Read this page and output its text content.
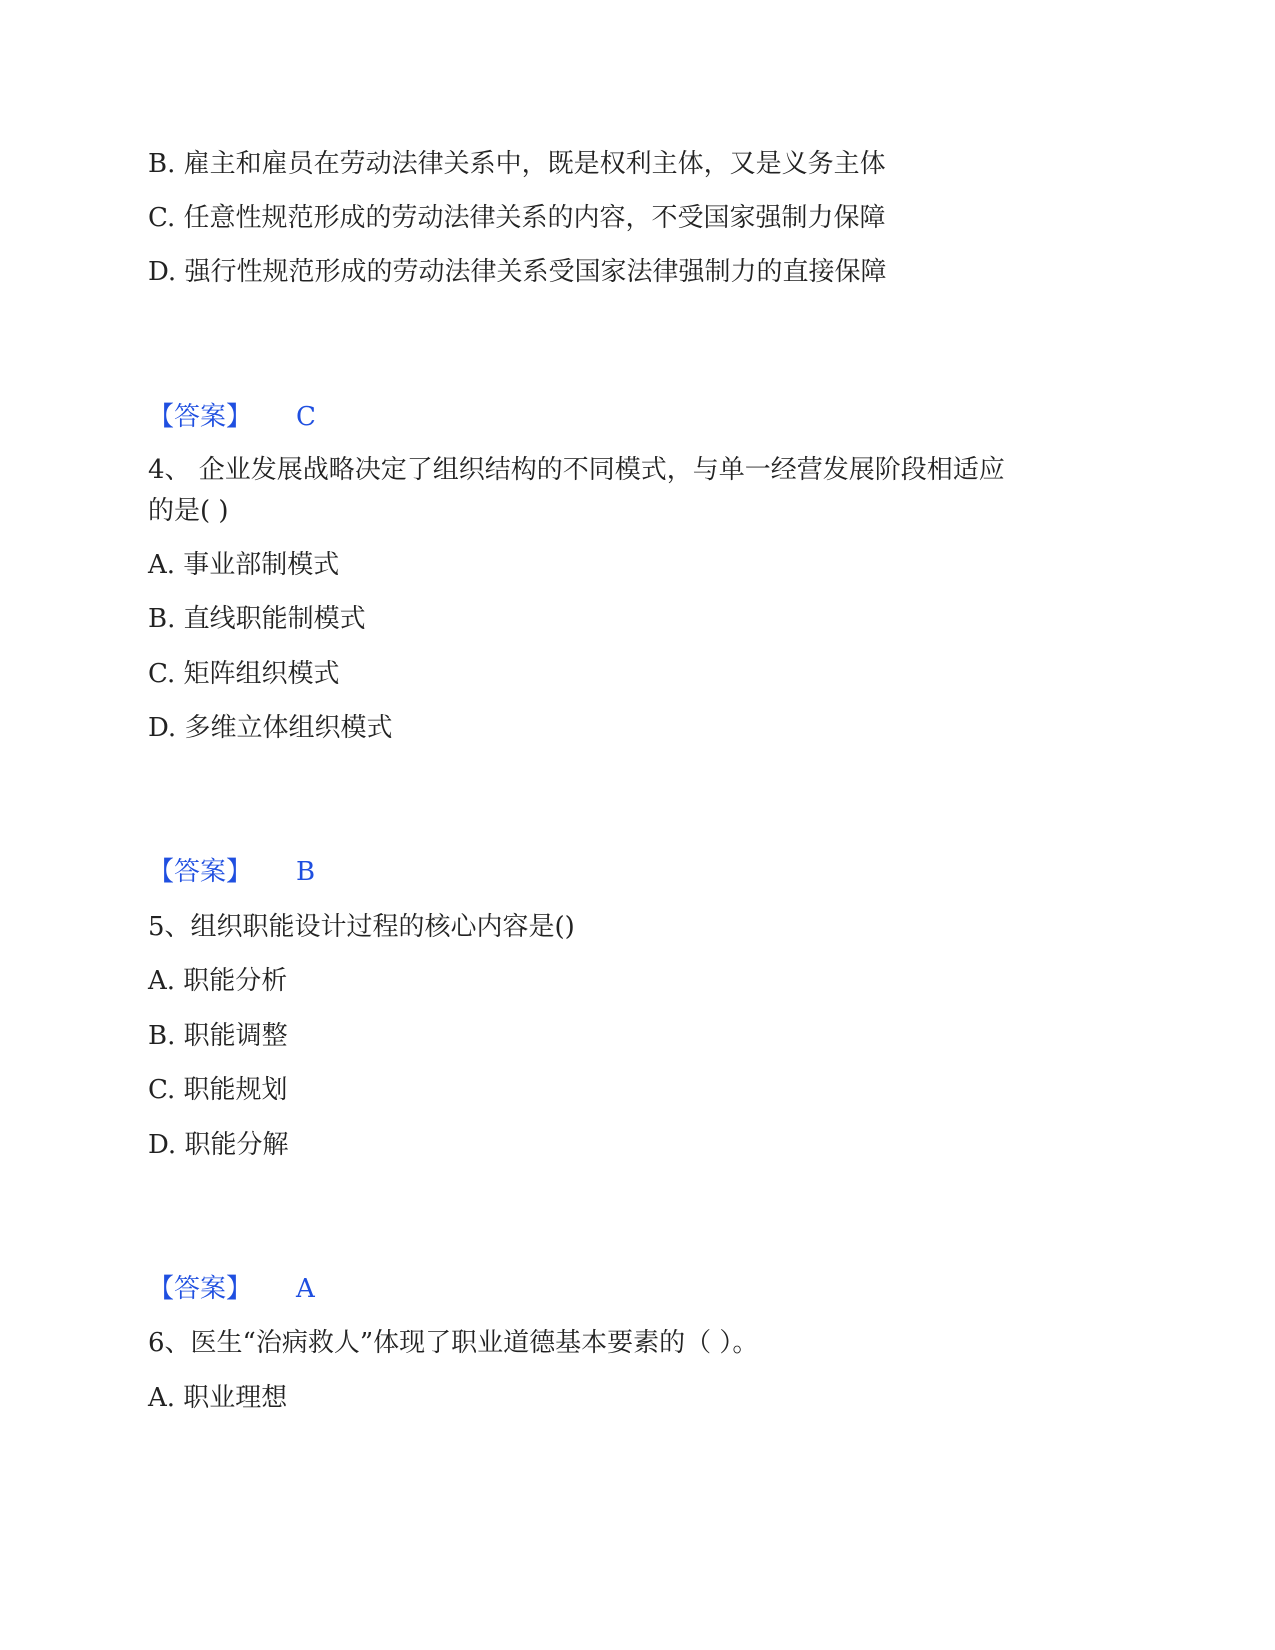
B. 雇主和雇员在劳动法律关系中，既是权利主体，又是义务主体

C. 任意性规范形成的劳动法律关系的内容，不受国家强制力保障

D. 强行性规范形成的劳动法律关系受国家法律强制力的直接保障

【答案】 C

4、 企业发展战略决定了组织结构的不同模式，与单一经营发展阶段相适应

的是( )

A. 事业部制模式

B. 直线职能制模式

C. 矩阵组织模式

D. 多维立体组织模式

【答案】 B

5、组织职能设计过程的核心内容是()

A. 职能分析

B. 职能调整

C. 职能规划

D. 职能分解

【答案】 A

6、医生“治病救人”体现了职业道德基本要素的（ ）。

A. 职业理想
